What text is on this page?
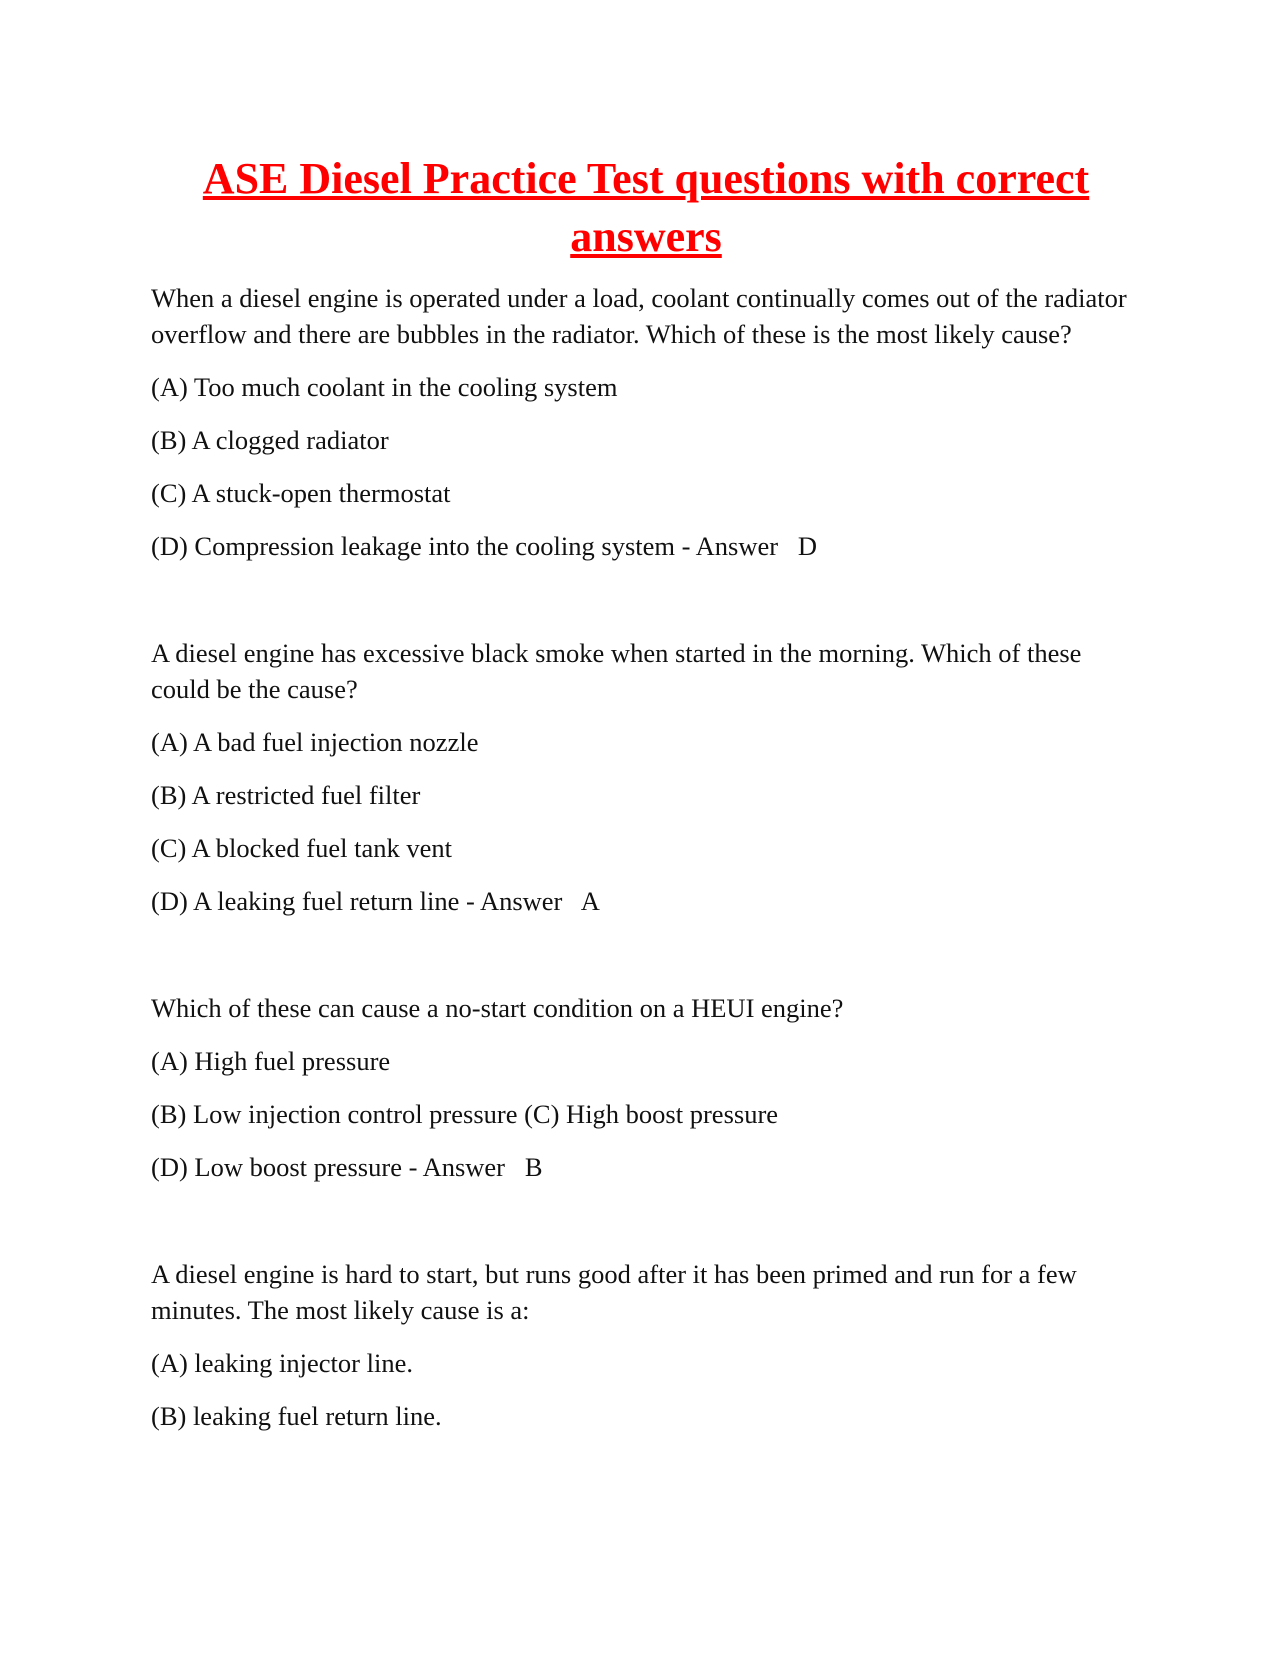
ASE Diesel Practice Test questions with correct answers

When a diesel engine is operated under a load, coolant continually comes out of the radiator overflow and there are bubbles in the radiator. Which of these is the most likely cause?

(A) Too much coolant in the cooling system

(B) A clogged radiator

(C) A stuck-open thermostat

(D) Compression leakage into the cooling system - Answer D

A diesel engine has excessive black smoke when started in the morning. Which of these could be the cause?

(A) A bad fuel injection nozzle

(B) A restricted fuel filter

(C) A blocked fuel tank vent

(D) A leaking fuel return line - Answer A

Which of these can cause a no-start condition on a HEUI engine?

(A) High fuel pressure

(B) Low injection control pressure (C) High boost pressure

(D) Low boost pressure - Answer B

A diesel engine is hard to start, but runs good after it has been primed and run for a few minutes. The most likely cause is a:

(A) leaking injector line.

(B) leaking fuel return line.
